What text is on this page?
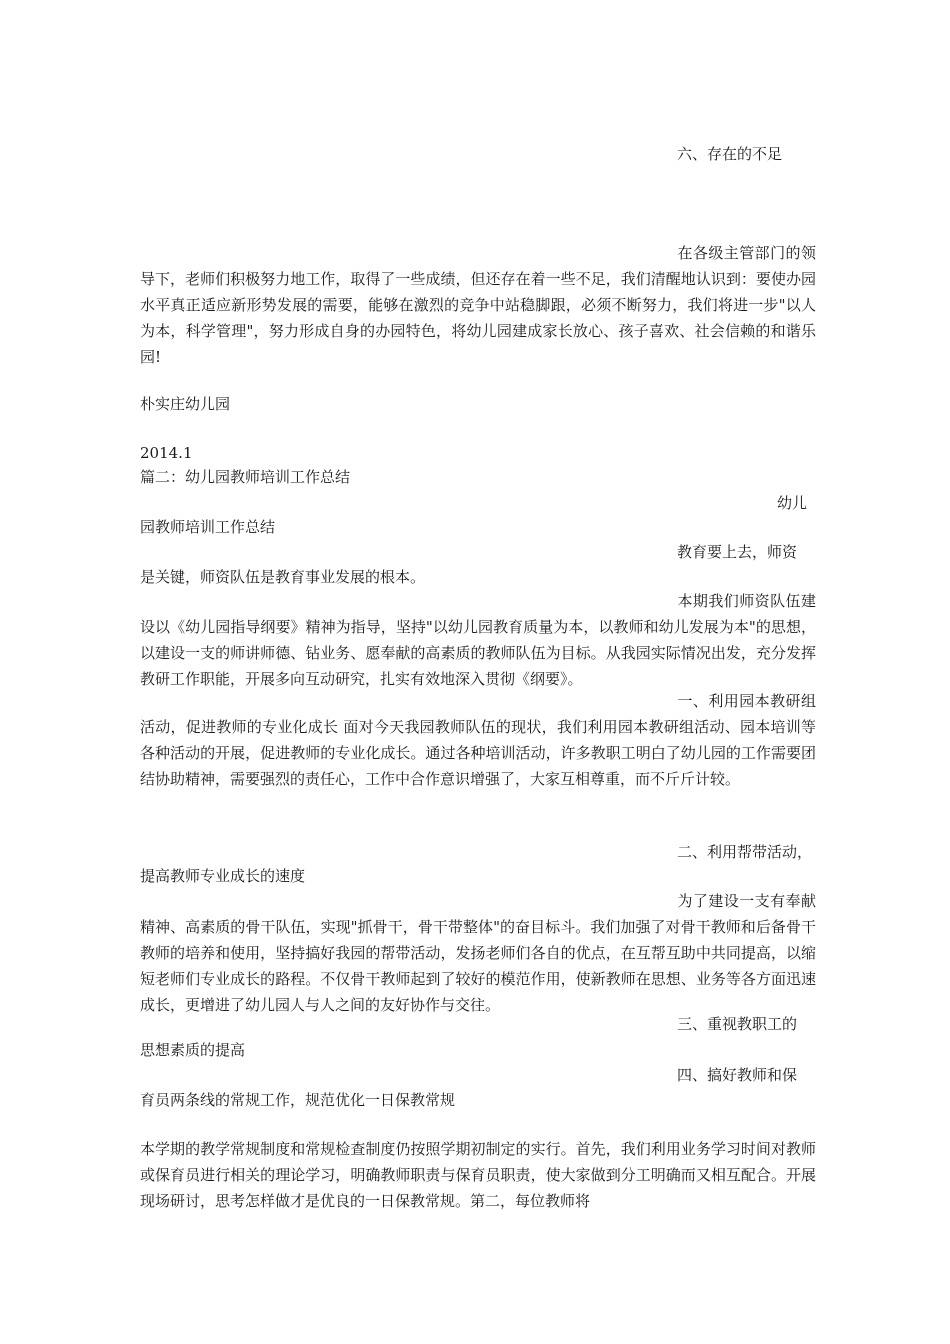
六、存在的不足
在各级主管部门的领导下，老师们积极努力地工作，取得了一些成绩，但还存在着一些不足，我们清醒地认识到：要使办园水平真正适应新形势发展的需要，能够在激烈的竞争中站稳脚跟，必须不断努力，我们将进一步"以人为本，科学管理"，努力形成自身的办园特色，将幼儿园建成家长放心、孩子喜欢、社会信赖的和谐乐园!
朴实庄幼儿园
2014.1
篇二：幼儿园教师培训工作总结
幼儿
园教师培训工作总结
教育要上去，师资
是关键，师资队伍是教育事业发展的根本。
本期我们师资队伍建设以《幼儿园指导纲要》精神为指导，坚持"以幼儿园教育质量为本，以教师和幼儿发展为本"的思想，以建设一支的师讲师德、钻业务、愿奉献的高素质的教师队伍为目标。从我园实际情况出发，充分发挥教研工作职能，开展多向互动研究，扎实有效地深入贯彻《纲要》。
一、利用园本教研组活动，促进教师的专业化成长 面对今天我园教师队伍的现状，我们利用园本教研组活动、园本培训等各种活动的开展，促进教师的专业化成长。通过各种培训活动，许多教职工明白了幼儿园的工作需要团结协助精神，需要强烈的责任心，工作中合作意识增强了，大家互相尊重，而不斤斤计较。
二、利用帮带活动，
提高教师专业成长的速度
为了建设一支有奉献精神、高素质的骨干队伍，实现"抓骨干，骨干带整体"的奋目标斗。我们加强了对骨干教师和后备骨干教师的培养和使用，坚持搞好我园的帮带活动，发扬老师们各自的优点，在互帮互助中共同提高，以缩短老师们专业成长的路程。不仅骨干教师起到了较好的模范作用，使新教师在思想、业务等各方面迅速成长，更增进了幼儿园人与人之间的友好协作与交往。
三、重视教职工的
思想素质的提高
四、搞好教师和保
育员两条线的常规工作，规范优化一日保教常规
本学期的教学常规制度和常规检查制度仍按照学期初制定的实行。首先，我们利用业务学习时间对教师或保育员进行相关的理论学习，明确教师职责与保育员职责，使大家做到分工明确而又相互配合。开展现场研讨，思考怎样做才是优良的一日保教常规。第二，每位教师将
